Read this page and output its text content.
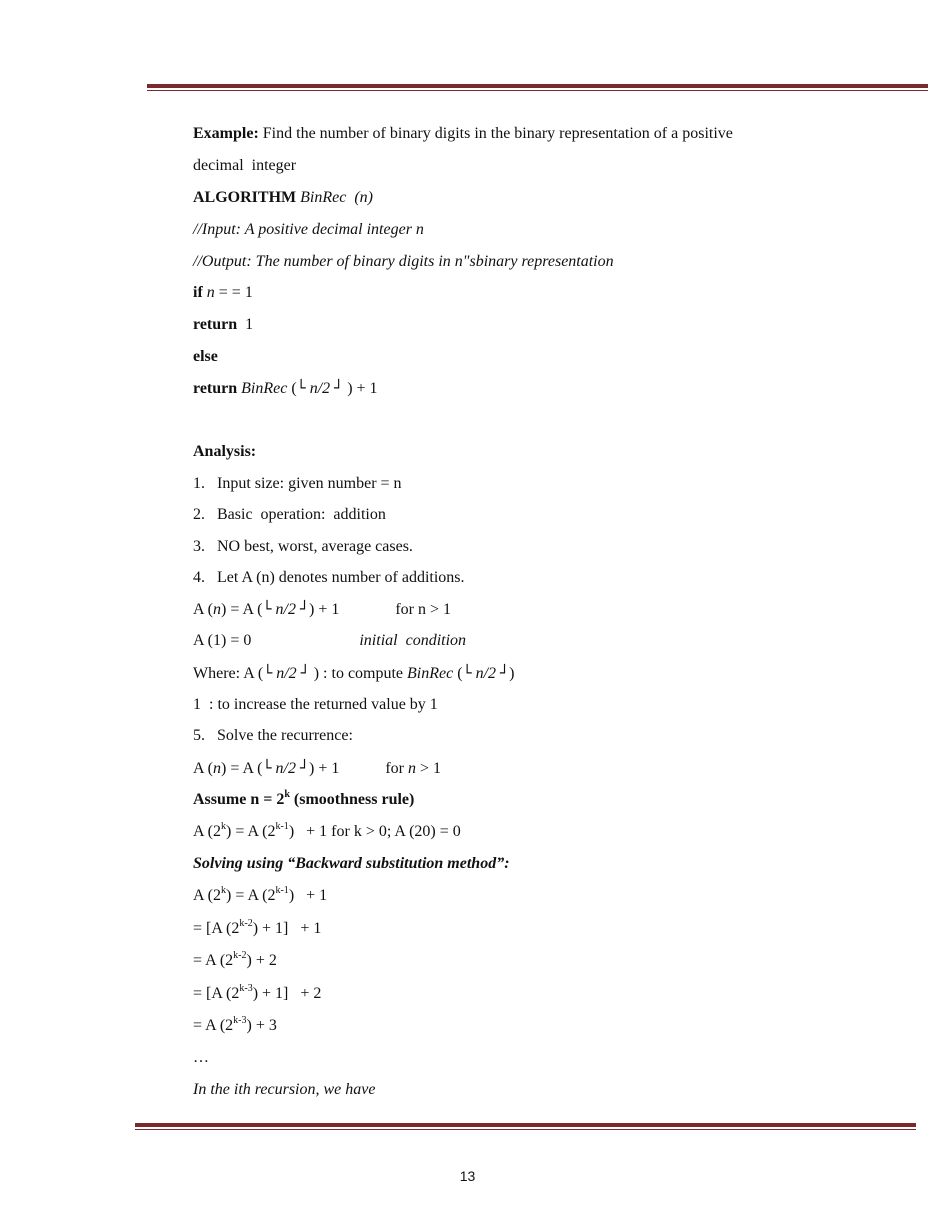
Example: Find the number of binary digits in the binary representation of a positive
decimal  integer
ALGORITHM BinRec  (n)
//Input: A positive decimal integer n
//Output: The number of binary digits in n"sbinary representation
if n = = 1
return  1
else
return BinRec (└ n/2 ┘ ) + 1
Analysis:
1.   Input size: given number = n
2.   Basic  operation:  addition
3.   NO best, worst, average cases.
4.   Let A (n) denotes number of additions.
A (n) = A (└ n/2 ┘) + 1	for n > 1
A (1) = 0	initial  condition
Where: A (└ n/2 ┘ ) : to compute BinRec (└ n/2 ┘)
1  : to increase the returned value by 1
5.   Solve the recurrence:
A (n) = A (└ n/2 ┘) + 1	for n > 1
Assume $n = 2^k$ (smoothness rule)
A $(2^k) = A$ (2$^{k-1}$)   + 1 for k > 0; A (20) = 0
Solving using “Backward substitution method”:
A $(2^k) = A$ (2$^{k-1}$)   + 1
= [A $(2^{k-2}) + 1] + 1$
= A $(2^{k-2}) + 2$
= [A $(2^{k-3}) + 1] + 2$
= A $(2^{k-3}) + 3$
…
In the ith recursion, we have
13
